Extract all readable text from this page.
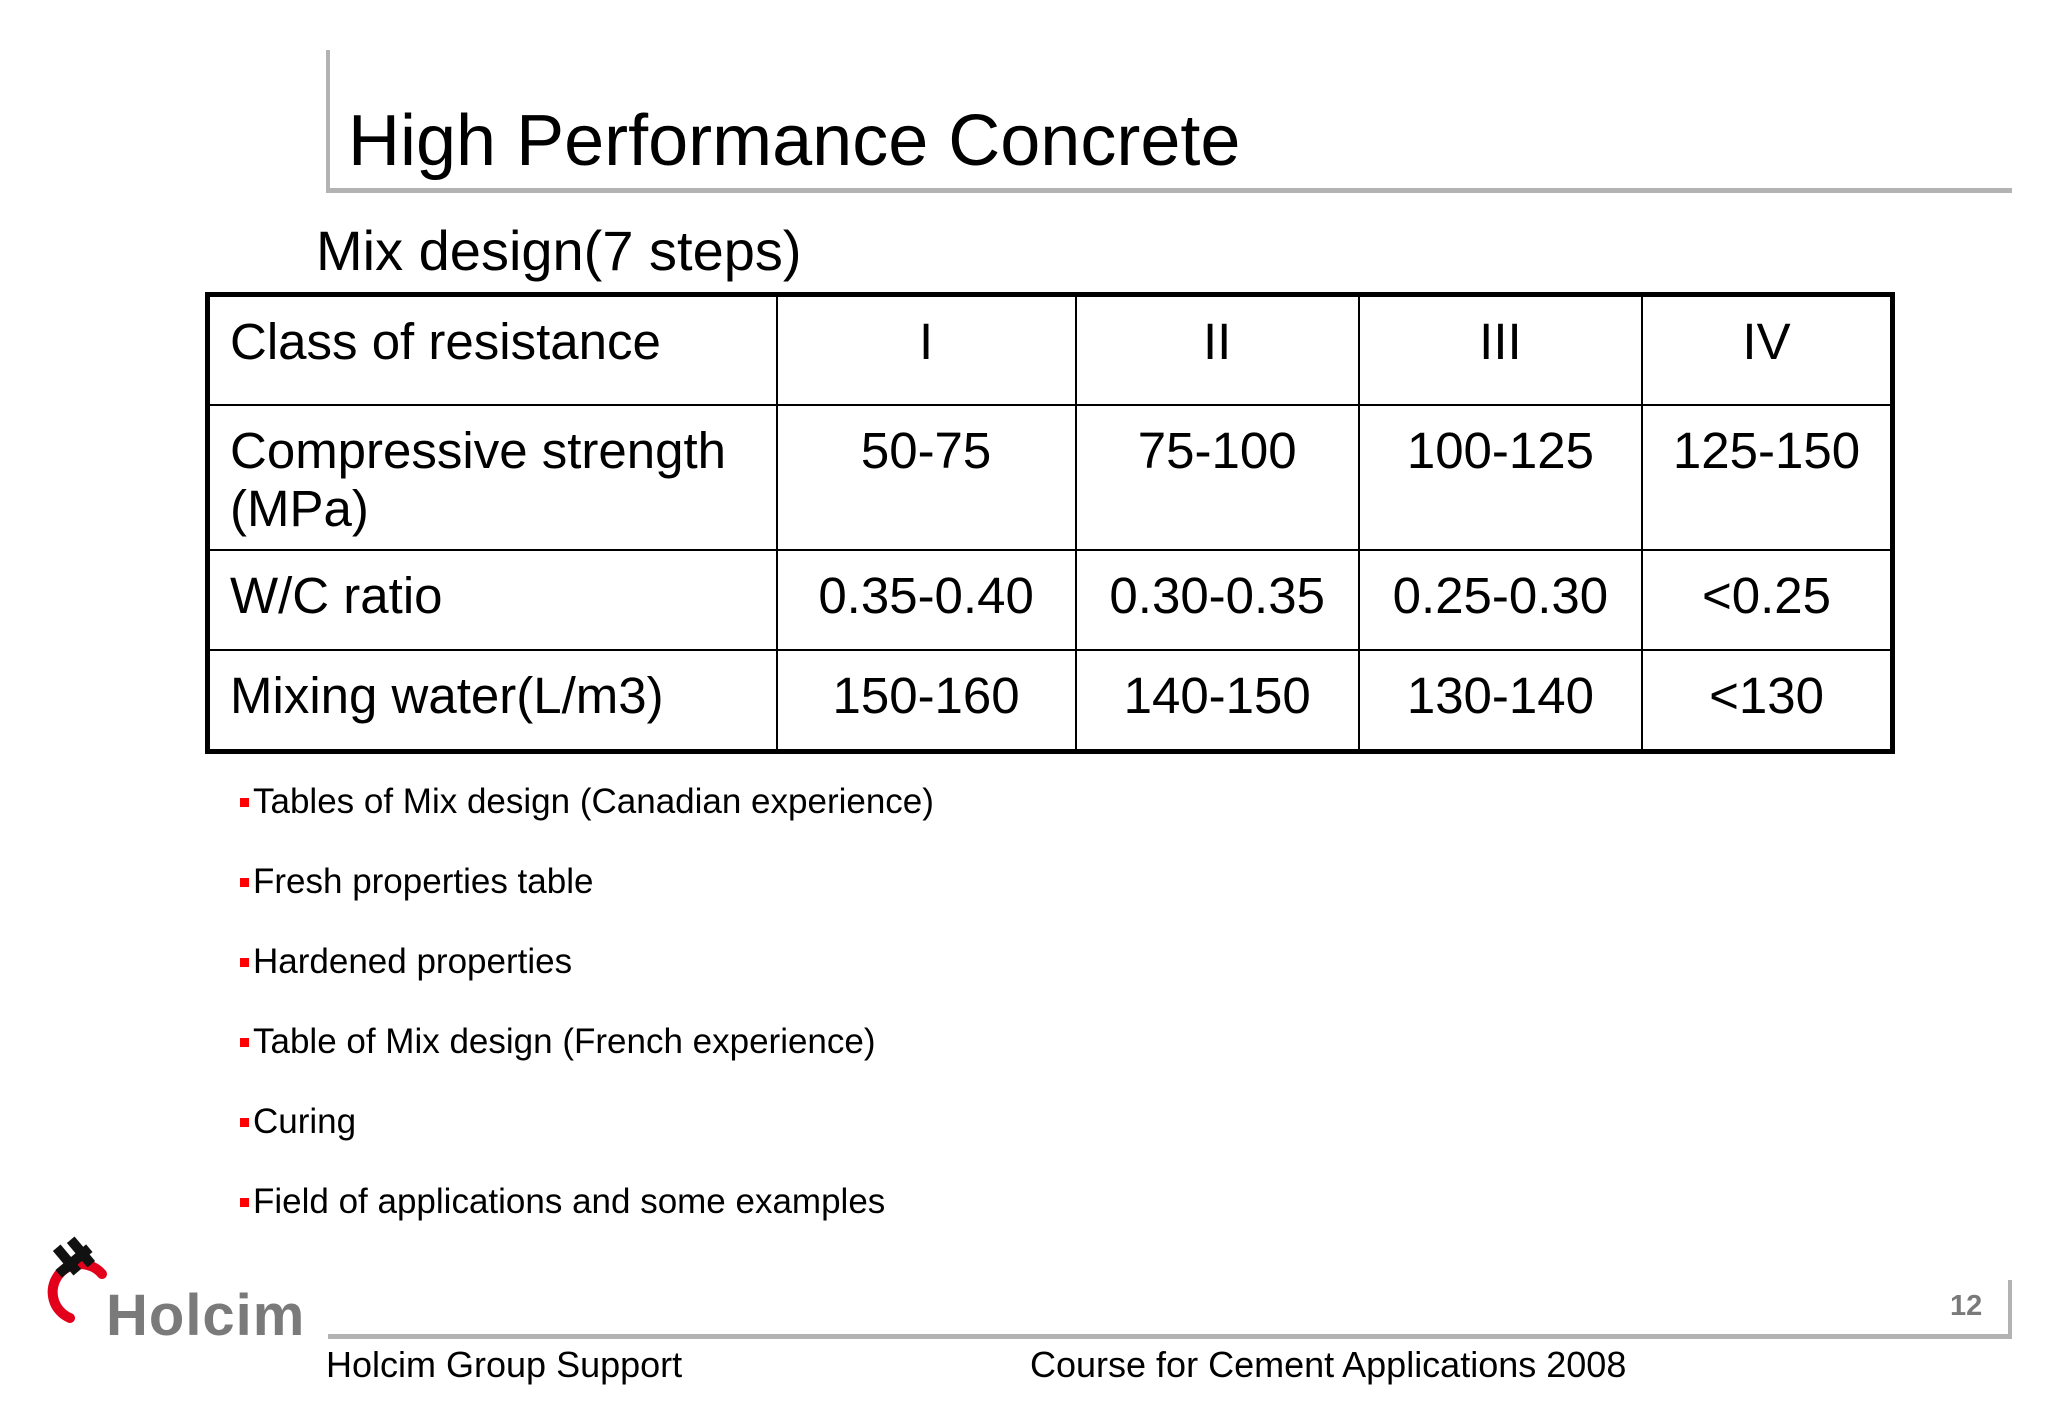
High Performance Concrete
Mix design(7 steps)
Class of resistance	I	II	III	IV
Compressive strength (MPa)	50-75	75-100	100-125	125-150
W/C ratio	0.35-0.40	0.30-0.35	0.25-0.30	<0.25
Mixing water(L/m3)	150-160	140-150	130-140	<130
Tables of Mix design (Canadian experience)
Fresh properties table
Hardened properties
Table of Mix design (French experience)
Curing
Field of applications and some examples
Holcim	12
Holcim Group Support	Course for Cement Applications 2008
